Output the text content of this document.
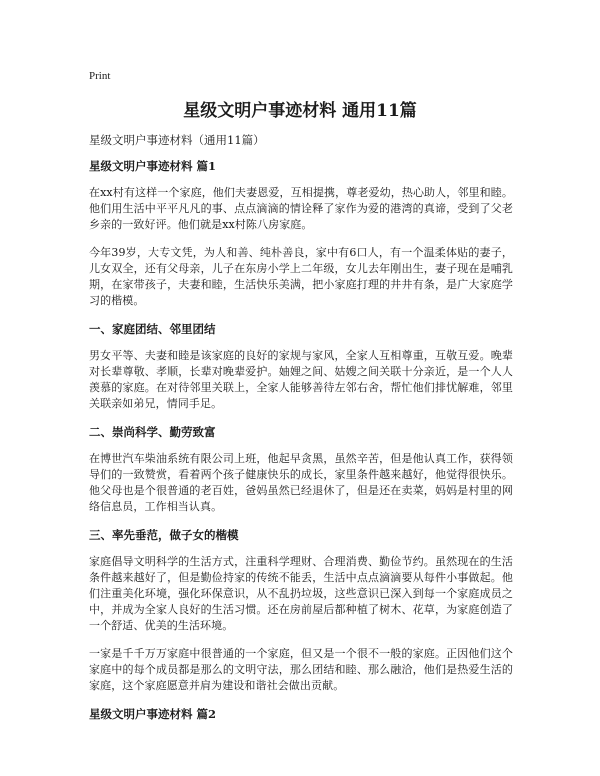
Print
星级文明户事迹材料 通用11篇

星级文明户事迹材料（通用11篇）

星级文明户事迹材料 篇1

在xx村有这样一个家庭，他们夫妻恩爱，互相提携，尊老爱幼，热心助人，邻里和睦。他们用生活中平平凡凡的事、点点滴滴的情诠释了家作为爱的港湾的真谛，受到了父老乡亲的一致好评。他们就是xx村陈八房家庭。

今年39岁，大专文凭，为人和善、纯朴善良，家中有6口人，有一个温柔体贴的妻子，儿女双全，还有父母亲，儿子在东房小学上二年级，女儿去年刚出生，妻子现在是哺乳期，在家带孩子，夫妻和睦，生活快乐美满，把小家庭打理的井井有条，是广大家庭学习的楷模。

一、家庭团结、邻里团结

男女平等、夫妻和睦是该家庭的良好的家规与家风，全家人互相尊重，互敬互爱。晚辈对长辈尊敬、孝顺，长辈对晚辈爱护。妯娌之间、姑嫂之间关联十分亲近，是一个人人羡慕的家庭。在对待邻里关联上，全家人能够善待左邻右舍，帮忙他们排忧解难，邻里关联亲如弟兄，情同手足。

二、崇尚科学、勤劳致富

在博世汽车柴油系统有限公司上班，他起早贪黑，虽然辛苦，但是他认真工作，获得领导们的一致赞赏，看着两个孩子健康快乐的成长，家里条件越来越好，他觉得很快乐。他父母也是个很普通的老百姓，爸妈虽然已经退休了，但是还在卖菜，妈妈是村里的网络信息员，工作相当认真。

三、率先垂范，做子女的楷模

家庭倡导文明科学的生活方式，注重科学理财、合理消费、勤俭节约。虽然现在的生活条件越来越好了，但是勤俭持家的传统不能丢，生活中点点滴滴要从每件小事做起。他们注重美化环境，强化环保意识，从不乱扔垃圾，这些意识已深入到每一个家庭成员之中，并成为全家人良好的生活习惯。还在房前屋后都种植了树木、花草，为家庭创造了一个舒适、优美的生活环境。

一家是千千万万家庭中很普通的一个家庭，但又是一个很不一般的家庭。正因他们这个家庭中的每个成员都是那么的文明守法，那么团结和睦、那么融洽，他们是热爱生活的家庭，这个家庭愿意并肩为建设和谐社会做出贡献。

星级文明户事迹材料 篇2
